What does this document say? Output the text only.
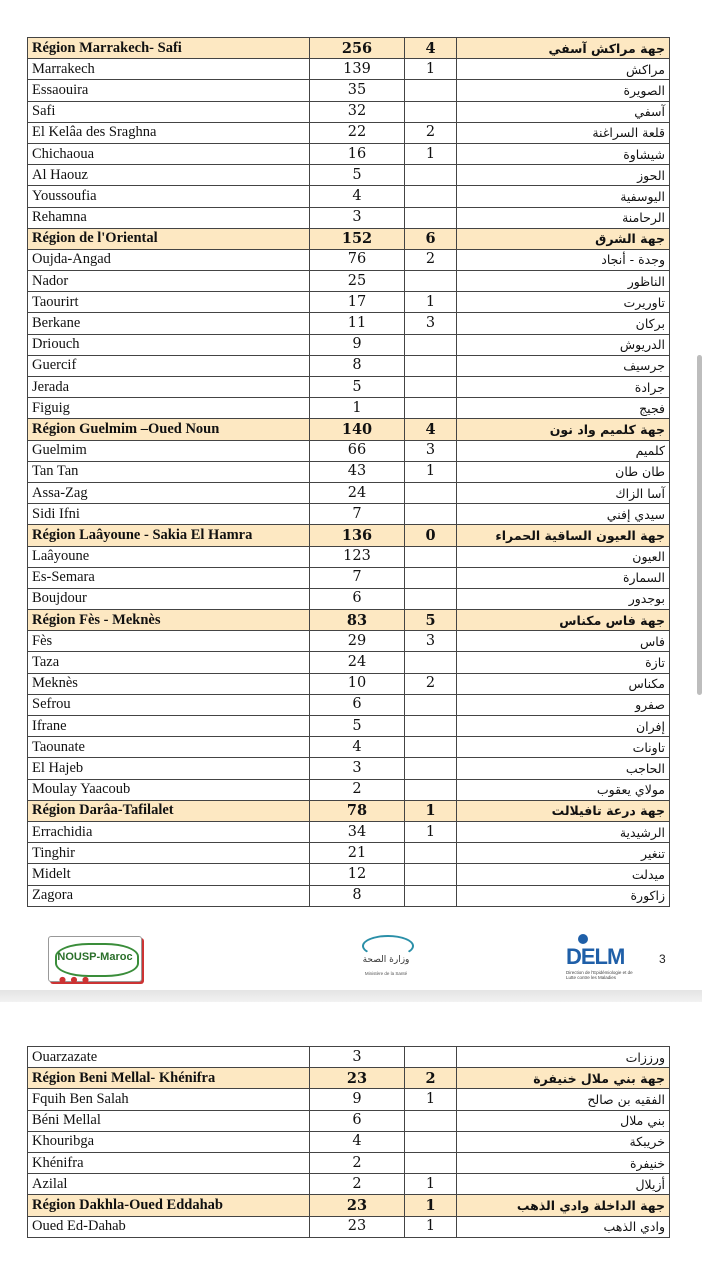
Région Marrakech- Safi	256	4	جهة مراكش آسفي
Marrakech	139	1	مراكش
Essaouira	35		الصويرة
Safi	32		آسفي
El Kelâa des Sraghna	22	2	قلعة السراغنة
Chichaoua	16	1	شيشاوة
Al Haouz	5		الحوز
Youssoufia	4		اليوسفية
Rehamna	3		الرحامنة
Région de l'Oriental	152	6	جهة الشرق
Oujda-Angad	76	2	وجدة - أنجاد
Nador	25		الناظور
Taourirt	17	1	تاوريرت
Berkane	11	3	بركان
Driouch	9		الدريوش
Guercif	8		جرسيف
Jerada	5		جرادة
Figuig	1		فجيج
Région Guelmim –Oued Noun	140	4	جهة كلميم واد نون
Guelmim	66	3	كلميم
Tan Tan	43	1	طان طان
Assa-Zag	24		آسا الزاك
Sidi Ifni	7		سيدي إفني
Région Laâyoune - Sakia El Hamra	136	0	جهة العيون الساقية الحمراء
Laâyoune	123		العيون
Es-Semara	7		السمارة
Boujdour	6		بوجدور
Région Fès - Meknès	83	5	جهة فاس مكناس
Fès	29	3	فاس
Taza	24		تازة
Meknès	10	2	مكناس
Sefrou	6		صفرو
Ifrane	5		إفران
Taounate	4		تاونات
El Hajeb	3		الحاجب
Moulay Yaacoub	2		مولاي يعقوب
Région Darâa-Tafilalet	78	1	جهة درعة تافيلالت
Errachidia	34	1	الرشيدية
Tinghir	21		تنغير
Midelt	12		ميدلت
Zagora	8		زاكورة
NOUSP-Maroc
● ● ●
وزارة الصحة
Ministère de la Santé
DELM
Direction de l'Epidémiologie et de Lutte contre les Maladies
3
Ouarzazate	3		ورززات
Région Beni Mellal- Khénifra	23	2	جهة بني ملال خنيفرة
Fquih Ben Salah	9	1	الفقيه بن صالح
Béni Mellal	6		بني ملال
Khouribga	4		خريبكة
Khénifra	2		خنيفرة
Azilal	2	1	أزيلال
Région Dakhla-Oued Eddahab	23	1	جهة الداخلة وادي الذهب
Oued Ed-Dahab	23	1	وادي الذهب
